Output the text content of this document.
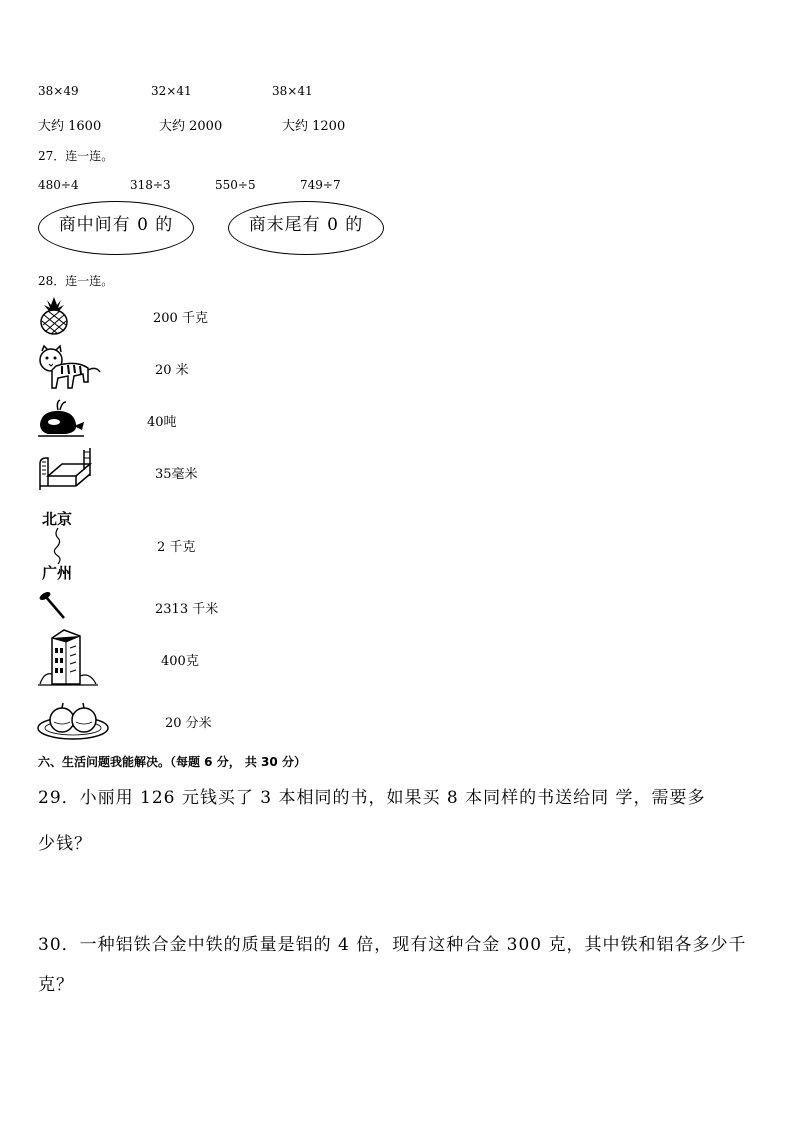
38×49	32×41	38×41
大约 1600	大约 2000	大约 1200
27．连一连。
480÷4	318÷3	550÷5	749÷7
商中间有 0 的	商末尾有 0 的
28．连一连。
200 千克
20 米
40吨
35毫米
北京
广州
2 千克
2313 千米
400克
20 分米
六、生活问题我能解决。（每题 6 分， 共 30 分）
29．小丽用 126 元钱买了 3 本相同的书，如果买 8 本同样的书送给同 学，需要多
少钱？
30．一种铝铁合金中铁的质量是铝的 4 倍，现有这种合金 300 克，其中铁和铝各多少千
克？
